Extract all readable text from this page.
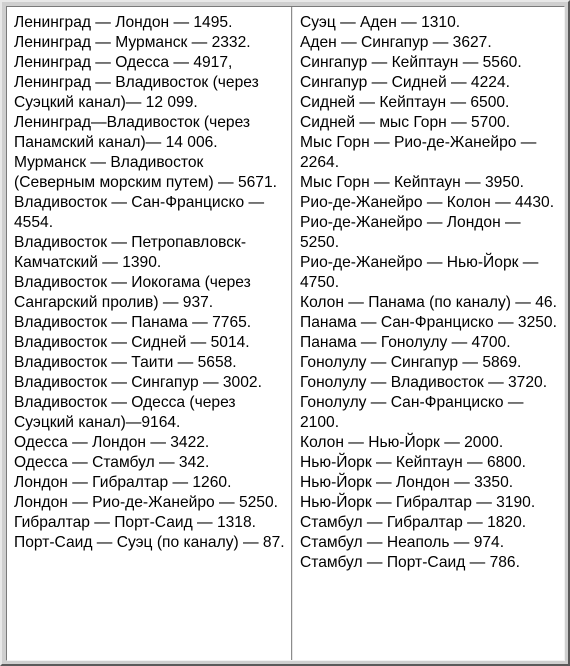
Ленинград — Лондон — 1495.
Ленинград — Мурманск — 2332.
Ленинград — Одесса — 4917,
Ленинград — Владивосток (через Суэцкий канал)— 12 099.
Ленинград—Владивосток (через Панамский канал)— 14 006.
Мурманск — Владивосток (Северным морским путем) — 5671.
Владивосток — Сан-Франциско — 4554.
Владивосток — Петропавловск-Камчатский — 1390.
Владивосток — Иокогама (через Сангарский пролив) — 937.
Владивосток — Панама — 7765.
Владивосток — Сидней — 5014.
Владивосток — Таити — 5658.
Владивосток — Сингапур — 3002.
Владивосток — Одесса (через Суэцкий канал)—9164.
Одесса — Лондон — 3422.
Одесса — Стамбул — 342.
Лондон — Гибралтар — 1260.
Лондон — Рио-де-Жанейро — 5250.
Гибралтар — Порт-Саид — 1318.
Порт-Саид — Суэц (по каналу) — 87.
Суэц — Аден — 1310.
Аден — Сингапур — 3627.
Сингапур — Кейптаун — 5560.
Сингапур — Сидней — 4224.
Сидней — Кейптаун — 6500.
Сидней — мыс Горн — 5700.
Мыс Горн — Рио-де-Жанейро — 2264.
Мыс Горн — Кейптаун — 3950.
Рио-де-Жанейро — Колон — 4430.
Рио-де-Жанейро — Лондон — 5250.
Рио-де-Жанейро — Нью-Йорк — 4750.
Колон — Панама (по каналу) — 46.
Панама — Сан-Франциско — 3250.
Панама — Гонолулу — 4700.
Гонолулу — Сингапур — 5869.
Гонолулу — Владивосток — 3720.
Гонолулу — Сан-Франциско — 2100.
Колон — Нью-Йорк — 2000.
Нью-Йорк — Кейптаун — 6800.
Нью-Йорк — Лондон — 3350.
Нью-Йорк — Гибралтар — 3190.
Стамбул — Гибралтар — 1820.
Стамбул — Неаполь — 974.
Стамбул — Порт-Саид — 786.
